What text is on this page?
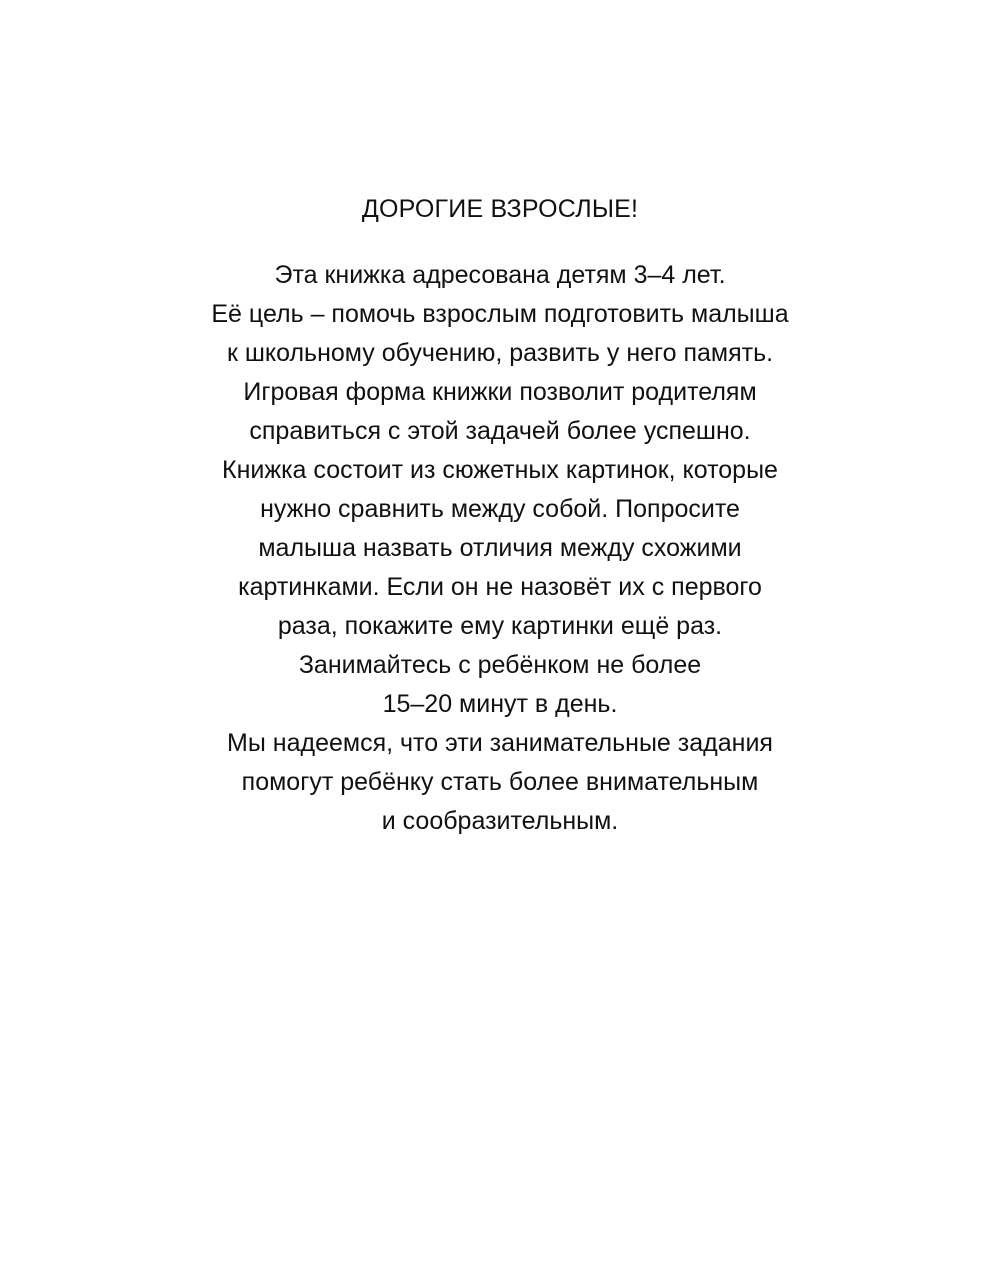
ДОРОГИЕ ВЗРОСЛЫЕ!
Эта книжка адресована детям 3–4 лет.
Её цель – помочь взрослым подготовить малыша
к школьному обучению, развить у него память.
Игровая форма книжки позволит родителям
справиться с этой задачей более успешно.
Книжка состоит из сюжетных картинок, которые
нужно сравнить между собой. Попросите
малыша назвать отличия между схожими
картинками. Если он не назовёт их с первого
раза, покажите ему картинки ещё раз.
Занимайтесь с ребёнком не более
15–20 минут в день.
Мы надеемся, что эти занимательные задания
помогут ребёнку стать более внимательным
и сообразительным.
